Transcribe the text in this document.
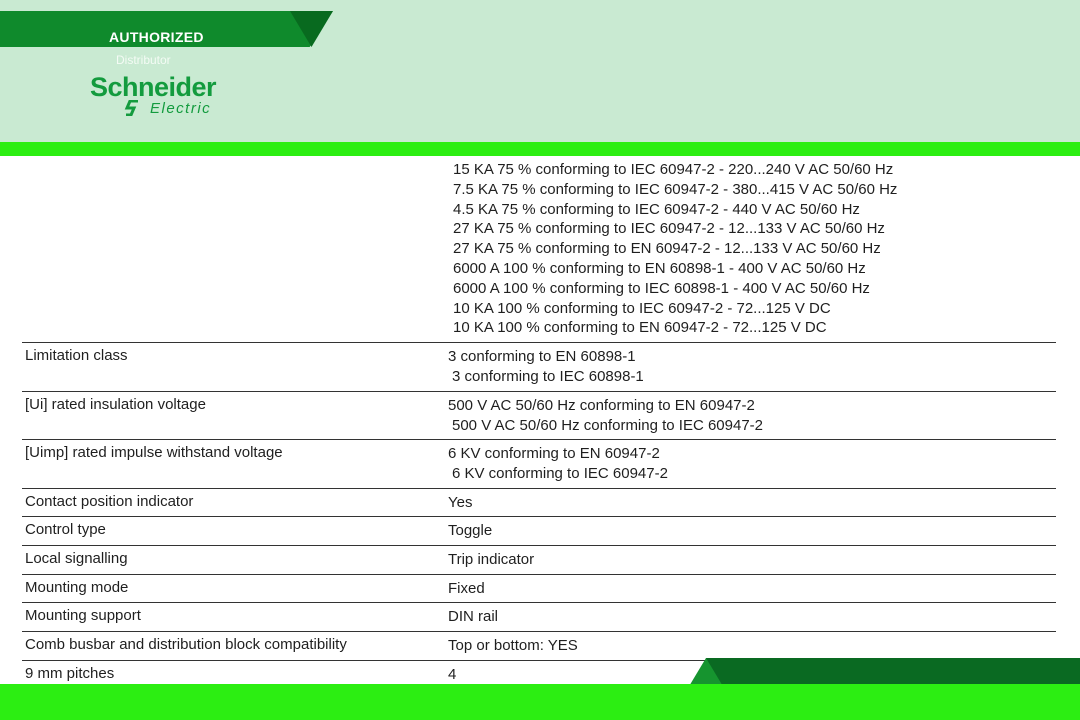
AUTHORIZED
Distributor
Schneider
Electric
15 KA 75 % conforming to IEC 60947-2 - 220...240 V AC 50/60 Hz
7.5 KA 75 % conforming to IEC 60947-2 - 380...415 V AC 50/60 Hz
4.5 KA 75 % conforming to IEC 60947-2 - 440 V AC 50/60 Hz
27 KA 75 % conforming to IEC 60947-2 - 12...133 V AC 50/60 Hz
27 KA 75 % conforming to EN 60947-2 - 12...133 V AC 50/60 Hz
6000 A 100 % conforming to EN 60898-1 - 400 V AC 50/60 Hz
6000 A 100 % conforming to IEC 60898-1 - 400 V AC 50/60 Hz
10 KA 100 % conforming to IEC 60947-2 - 72...125 V DC
10 KA 100 % conforming to EN 60947-2 - 72...125 V DC
Limitation class	3 conforming to EN 60898-1
3 conforming to IEC 60898-1
[Ui] rated insulation voltage	500 V AC 50/60 Hz conforming to EN 60947-2
500 V AC 50/60 Hz conforming to IEC 60947-2
[Uimp] rated impulse withstand voltage	6 KV conforming to EN 60947-2
6 KV conforming to IEC 60947-2
Contact position indicator	Yes
Control type	Toggle
Local signalling	Trip indicator
Mounting mode	Fixed
Mounting support	DIN rail
Comb busbar and distribution block compatibility	Top or bottom: YES
9 mm pitches	4
